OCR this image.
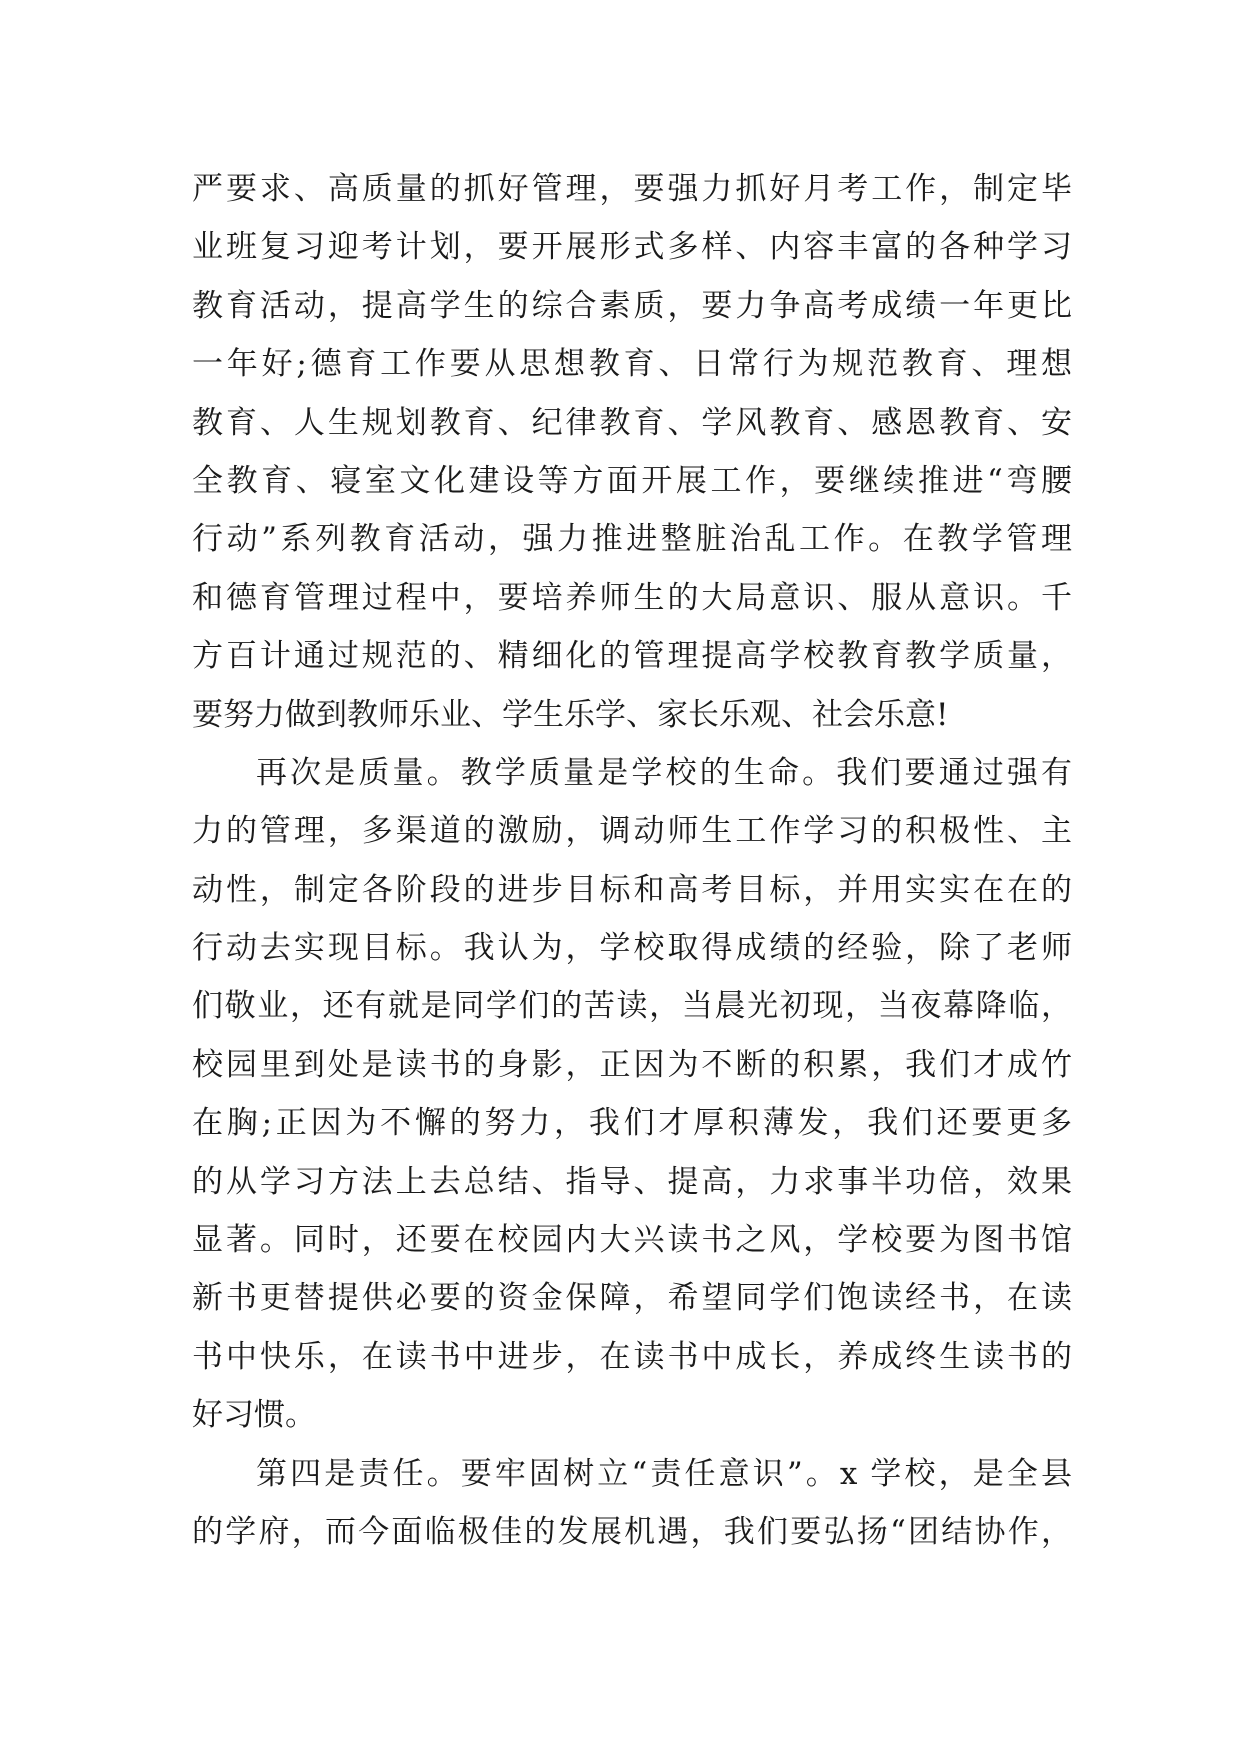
严要求、高质量的抓好管理，要强力抓好月考工作，制定毕
业班复习迎考计划，要开展形式多样、内容丰富的各种学习
教育活动，提高学生的综合素质，要力争高考成绩一年更比
一年好;德育工作要从思想教育、日常行为规范教育、理想
教育、人生规划教育、纪律教育、学风教育、感恩教育、安
全教育、寝室文化建设等方面开展工作，要继续推进“弯腰
行动”系列教育活动，强力推进整脏治乱工作。在教学管理
和德育管理过程中，要培养师生的大局意识、服从意识。千
方百计通过规范的、精细化的管理提高学校教育教学质量，
要努力做到教师乐业、学生乐学、家长乐观、社会乐意!
再次是质量。教学质量是学校的生命。我们要通过强有
力的管理，多渠道的激励，调动师生工作学习的积极性、主
动性，制定各阶段的进步目标和高考目标，并用实实在在的
行动去实现目标。我认为，学校取得成绩的经验，除了老师
们敬业，还有就是同学们的苦读，当晨光初现，当夜幕降临，
校园里到处是读书的身影，正因为不断的积累，我们才成竹
在胸;正因为不懈的努力，我们才厚积薄发，我们还要更多
的从学习方法上去总结、指导、提高，力求事半功倍，效果
显著。同时，还要在校园内大兴读书之风，学校要为图书馆
新书更替提供必要的资金保障，希望同学们饱读经书，在读
书中快乐，在读书中进步，在读书中成长，养成终生读书的
好习惯。
第四是责任。要牢固树立“责任意识”。x 学校，是全县
的学府，而今面临极佳的发展机遇，我们要弘扬“团结协作，
